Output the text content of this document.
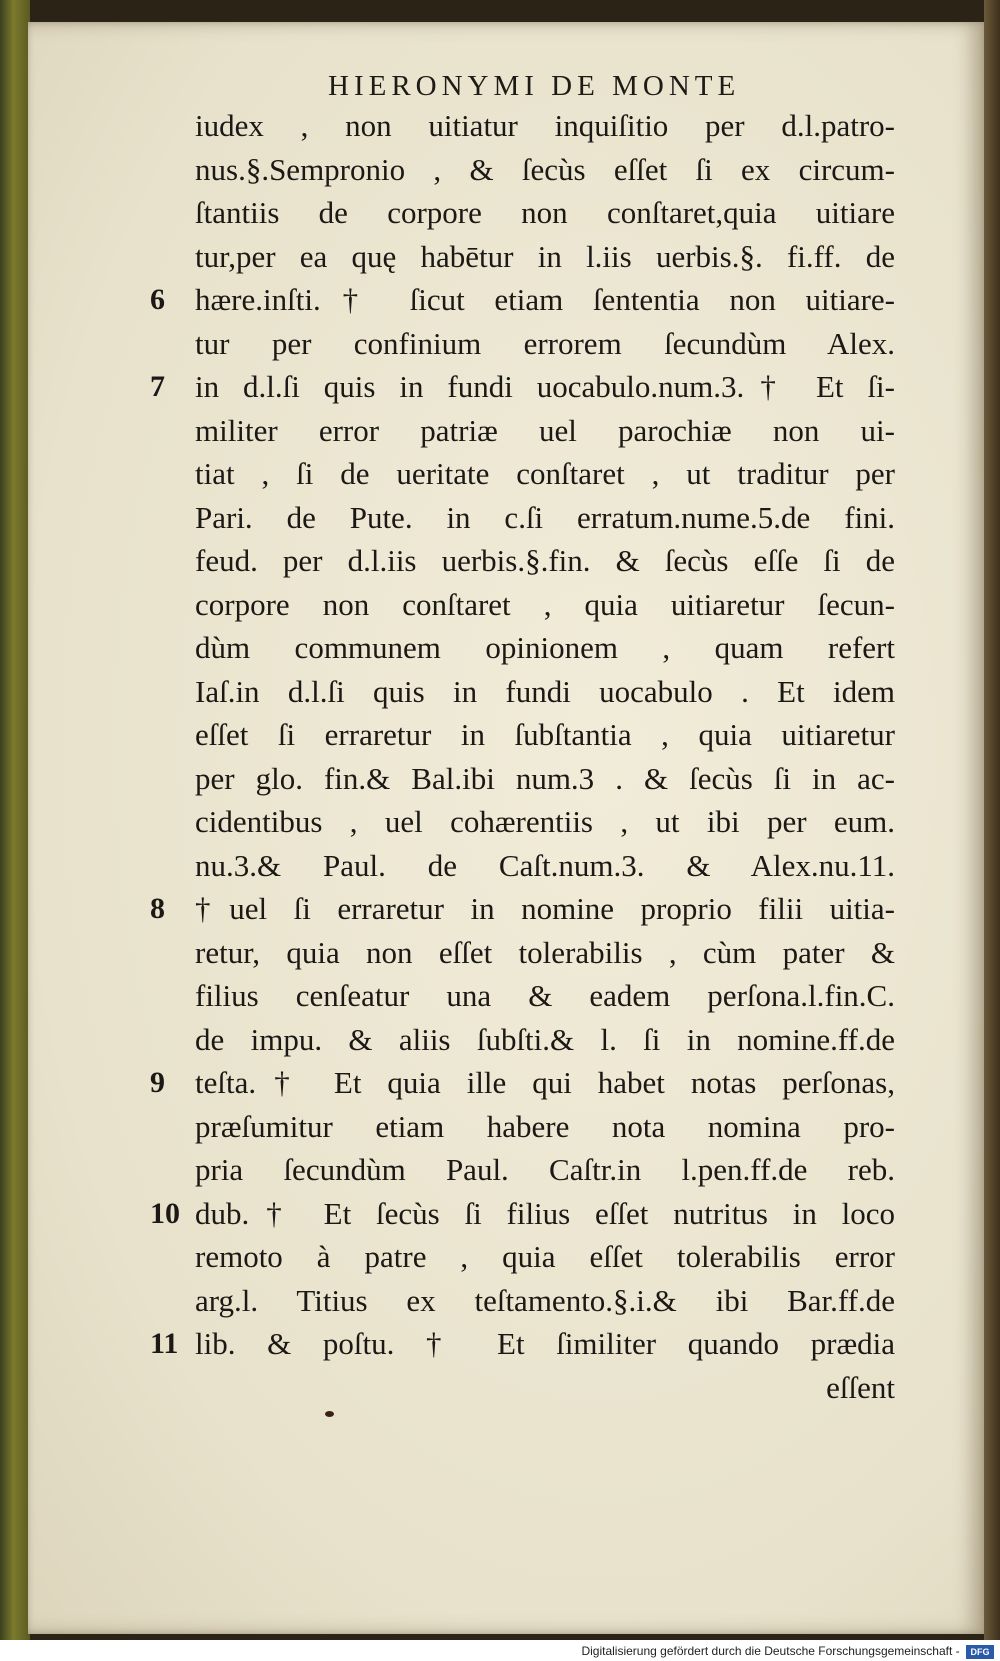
HIERONYMI DE MONTE
iudex , non uitiatur inquiſitio per d.l.patro-
nus.§.Sempronio , & ſecùs eſſet ſi ex circum-
ſtantiis de corpore non conſtaret,quia uitiare
tur,per ea quę habētur in l.iis uerbis.§. fi.ff. de
6 hære.inſti.† ſicut etiam ſententia non uitiare-
tur per confinium errorem ſecundùm Alex.
7 in d.l.ſi quis in fundi uocabulo.num.3.† Et ſi-
militer error patriæ uel parochiæ non ui-
tiat , ſi de ueritate conſtaret , ut traditur per
Pari. de Pute. in c.ſi erratum.nume.5.de fini.
feud. per d.l.iis uerbis.§.fin. & ſecùs eſſe ſi de
corpore non conſtaret , quia uitiaretur ſecun-
dùm communem opinionem , quam refert
Iaſ.in d.l.ſi quis in fundi uocabulo . Et idem
eſſet ſi erraretur in ſubſtantia , quia uitiaretur
per glo. fin.& Bal.ibi num.3 . & ſecùs ſi in ac-
cidentibus , uel cohærentiis , ut ibi per eum.
nu.3.& Paul. de Caſt.num.3. & Alex.nu.11.
8 †uel ſi erraretur in nomine proprio filii uitia-
retur, quia non eſſet tolerabilis , cùm pater &
filius cenſeatur una & eadem perſona.l.fin.C.
de impu. & aliis ſubſti.& l. ſi in nomine.ff.de
9 teſta.† Et quia ille qui habet notas perſonas,
præſumitur etiam habere nota nomina pro-
pria ſecundùm Paul. Caſtr.in l.pen.ff.de reb.
10 dub.† Et ſecùs ſi filius eſſet nutritus in loco
remoto à patre , quia eſſet tolerabilis error
arg.l. Titius ex teſtamento.§.i.& ibi Bar.ff.de
11 lib. & poſtu. † Et ſimiliter quando prædia
eſſent
Digitalisierung gefördert durch die Deutsche Forschungsgemeinschaft - DFG
